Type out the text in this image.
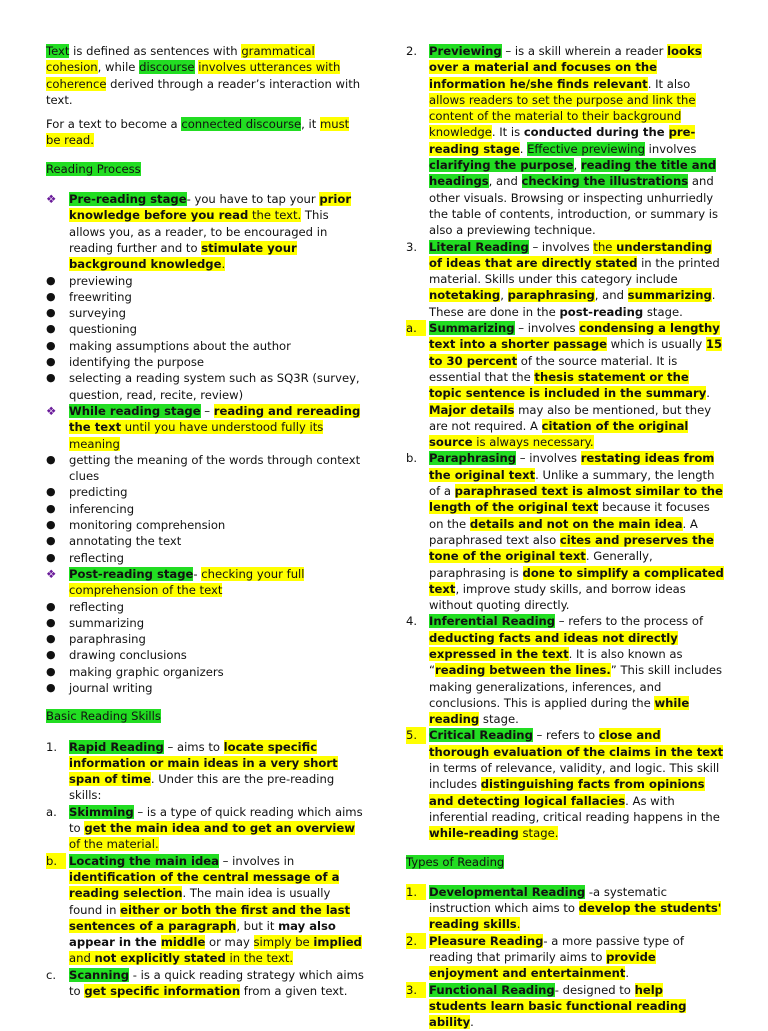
Text is defined as sentences with grammatical cohesion, while discourse involves utterances with coherence derived through a reader’s interaction with text.

For a text to become a connected discourse, it must be read.

Reading Process
❖	Pre-reading stage- you have to tap your prior knowledge before you read the text. This allows you, as a reader, to be encouraged in reading further and to stimulate your background knowledge.
● previewing
● freewriting
● surveying
● questioning
● making assumptions about the author
● identifying the purpose
● selecting a reading system such as SQ3R (survey, question, read, recite, review)
❖	While reading stage – reading and rereading the text until you have understood fully its meaning
● getting the meaning of the words through context clues
● predicting
● inferencing
● monitoring comprehension
● annotating the text
● reflecting
❖	Post-reading stage- checking your full comprehension of the text
● reflecting
● summarizing
● paraphrasing
● drawing conclusions
● making graphic organizers
● journal writing
Basic Reading Skills
1.	Rapid Reading – aims to locate specific information or main ideas in a very short span of time. Under this are the pre-reading skills:
a.	Skimming – is a type of quick reading which aims to get the main idea and to get an overview of the material.
b.	Locating the main idea – involves in identification of the central message of a reading selection. The main idea is usually found in either or both the first and the last sentences of a paragraph, but it may also appear in the middle or may simply be implied and not explicitly stated in the text.
c.	Scanning - is a quick reading strategy which aims to get specific information from a given text.
2.	Previewing – is a skill wherein a reader looks over a material and focuses on the information he/she finds relevant. It also allows readers to set the purpose and link the content of the material to their background knowledge. It is conducted during the pre-reading stage. Effective previewing involves clarifying the purpose, reading the title and headings, and checking the illustrations and other visuals. Browsing or inspecting unhurriedly the table of contents, introduction, or summary is also a previewing technique.
3.	Literal Reading – involves the understanding of ideas that are directly stated in the printed material. Skills under this category include notetaking, paraphrasing, and summarizing. These are done in the post-reading stage.
a.	Summarizing – involves condensing a lengthy text into a shorter passage which is usually 15 to 30 percent of the source material. It is essential that the thesis statement or the topic sentence is included in the summary. Major details may also be mentioned, but they are not required. A citation of the original source is always necessary.
b.	Paraphrasing – involves restating ideas from the original text. Unlike a summary, the length of a paraphrased text is almost similar to the length of the original text because it focuses on the details and not on the main idea. A paraphrased text also cites and preserves the tone of the original text. Generally, paraphrasing is done to simplify a complicated text, improve study skills, and borrow ideas without quoting directly.
4.	Inferential Reading – refers to the process of deducting facts and ideas not directly expressed in the text. It is also known as “reading between the lines.” This skill includes making generalizations, inferences, and conclusions. This is applied during the while reading stage.
5.	Critical Reading – refers to close and thorough evaluation of the claims in the text in terms of relevance, validity, and logic. This skill includes distinguishing facts from opinions and detecting logical fallacies. As with inferential reading, critical reading happens in the while-reading stage.
Types of Reading
1.	Developmental Reading -a systematic instruction which aims to develop the students' reading skills.
2.	Pleasure Reading- a more passive type of reading that primarily aims to provide enjoyment and entertainment.
3.	Functional Reading- designed to help students learn basic functional reading ability.
